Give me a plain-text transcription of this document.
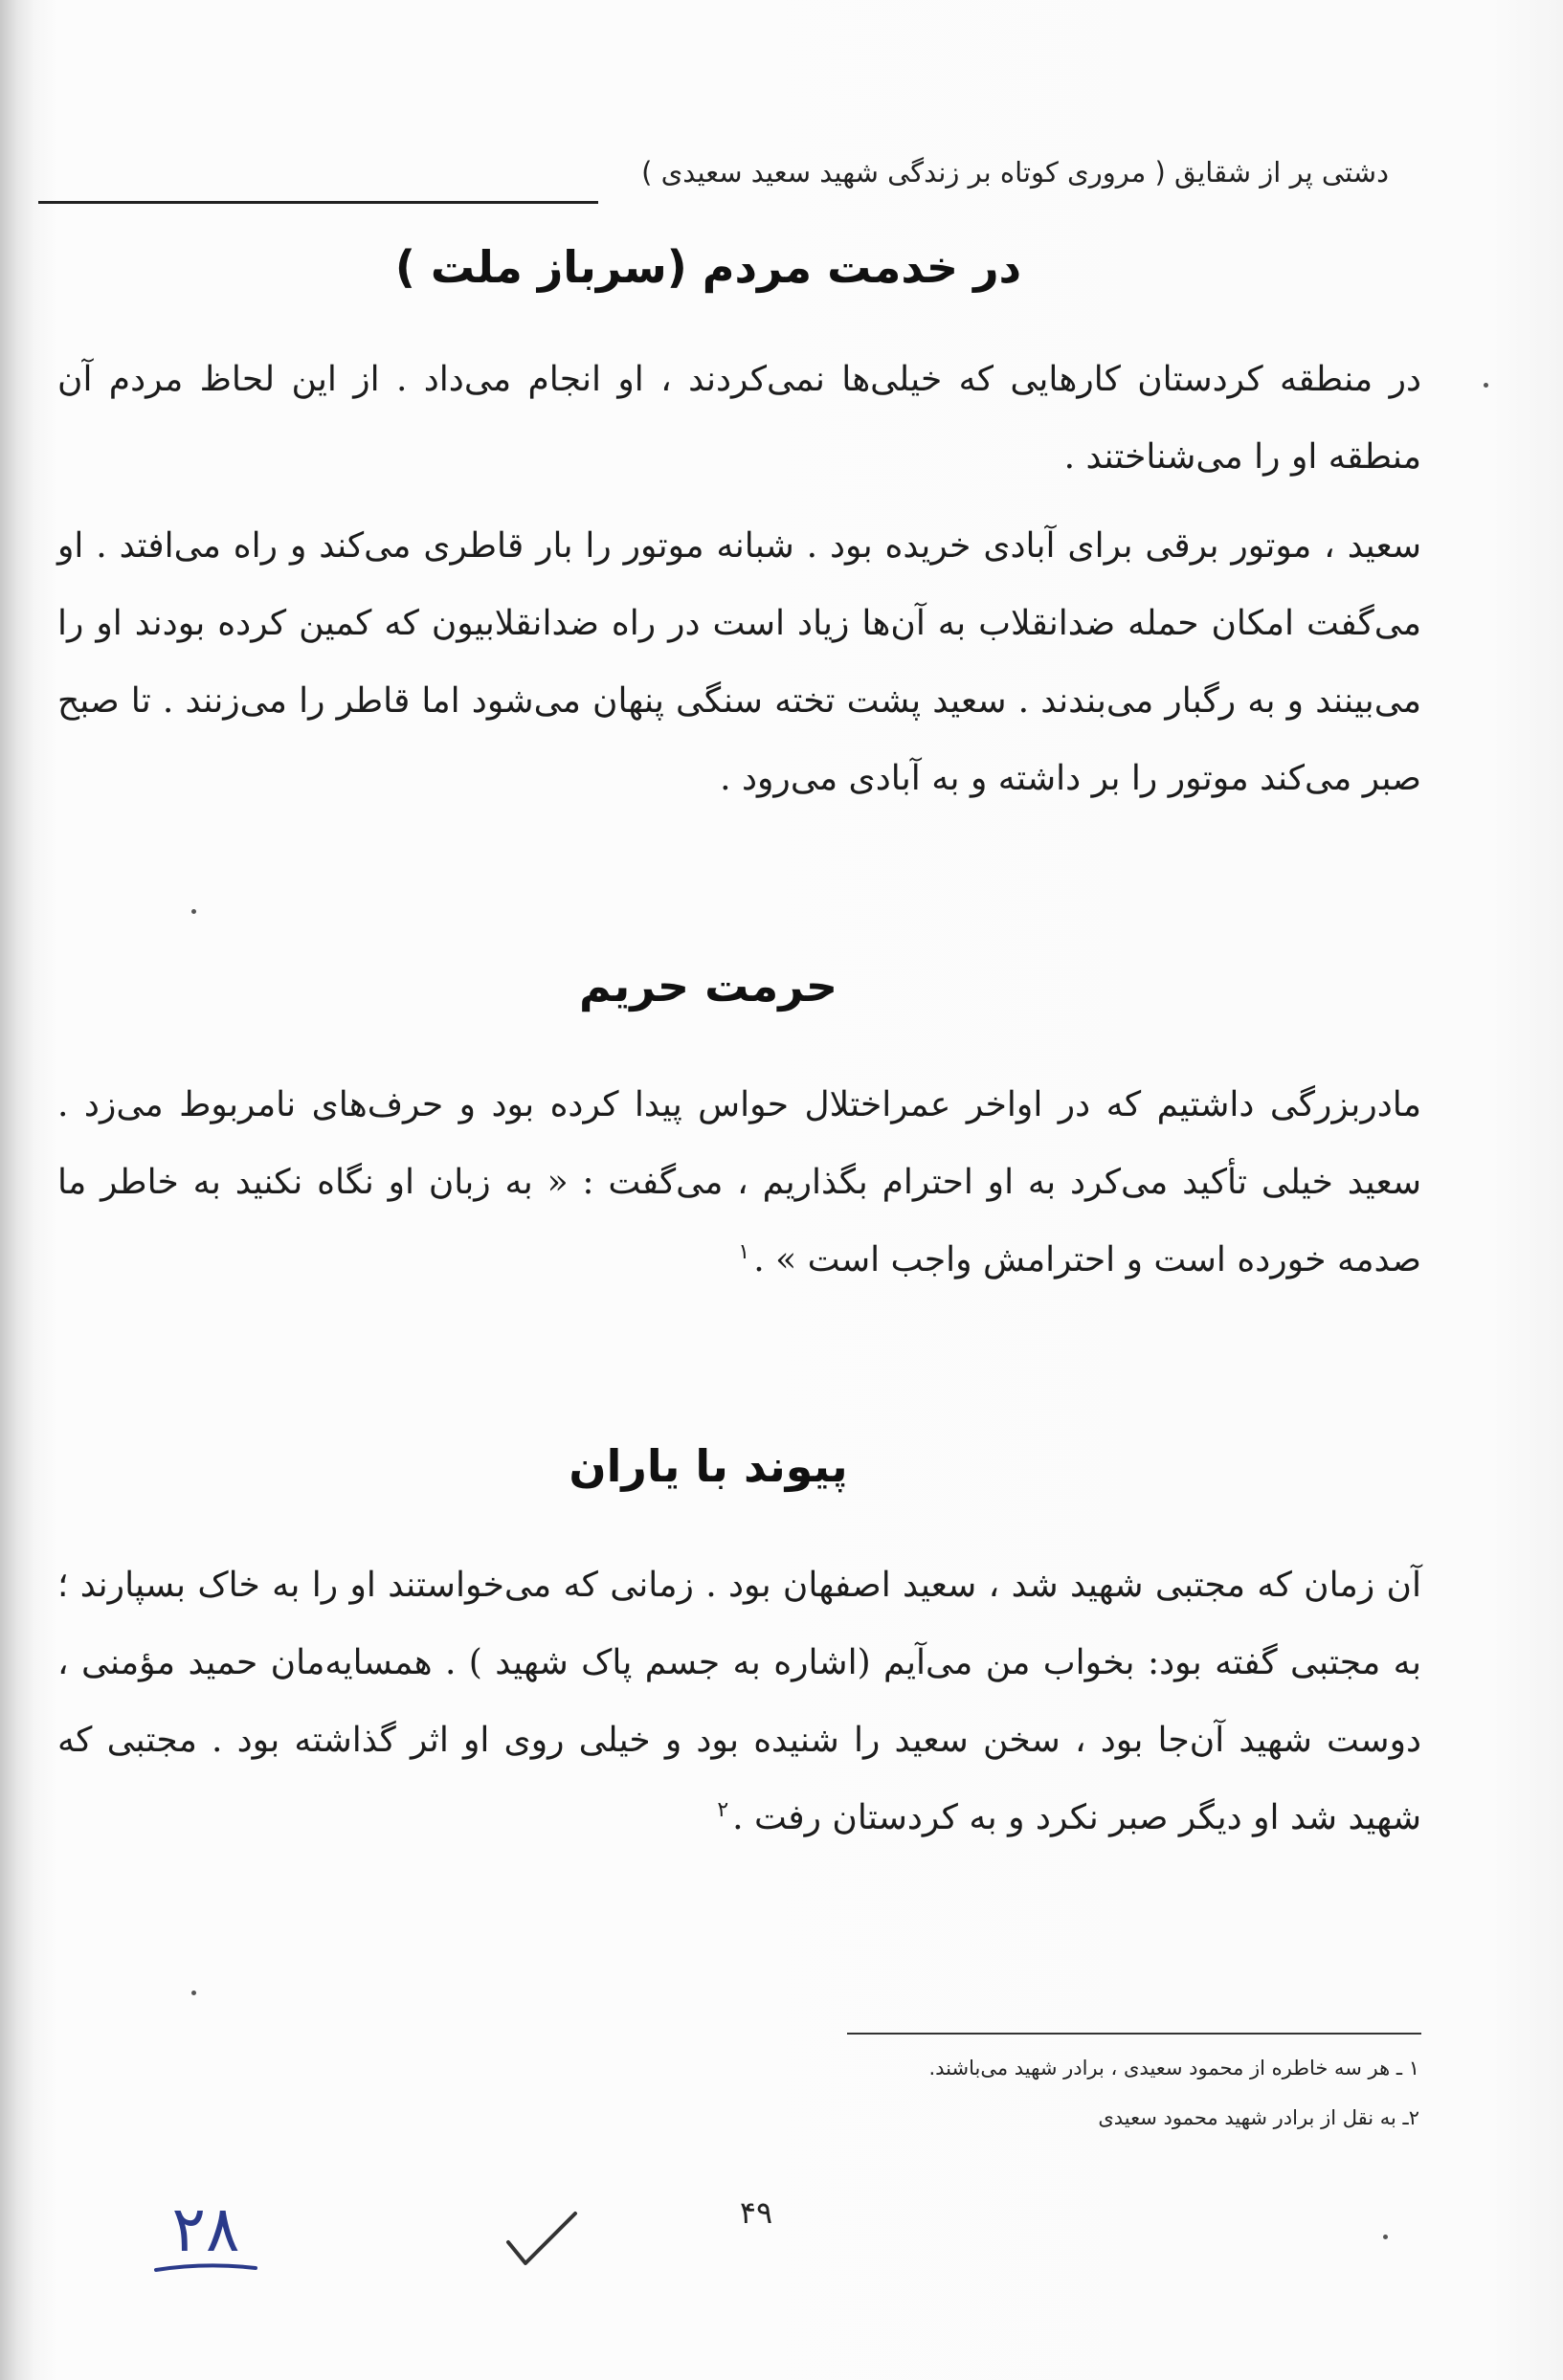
دشتی پر از شقایق ( مروری کوتاه بر زندگی شهید سعید سعیدی )
در خدمت مردم (سرباز ملت )

در منطقه کردستان کارهایی که خیلی‌ها نمی‌کردند ، او انجام می‌داد . از این لحاظ مردم آن منطقه او را می‌شناختند .

سعید ، موتور برقی برای آبادی خریده بود . شبانه موتور را بار قاطری می‌کند و راه می‌افتد . او می‌گفت امکان حمله ضدانقلاب به آن‌ها زیاد است در راه ضدانقلابیون که کمین کرده بودند او را می‌بینند و به رگبار می‌بندند . سعید پشت تخته سنگی پنهان می‌شود اما قاطر را می‌زنند . تا صبح صبر می‌کند موتور را بر داشته و به آبادی می‌رود .

حرمت حریم

مادربزرگی داشتیم که در اواخر عمراختلال حواس پیدا کرده بود و حرف‌های نامربوط می‌زد . سعید خیلی تأکید می‌کرد به او احترام بگذاریم ، می‌گفت : « به زبان او نگاه نکنید به خاطر ما صدمه خورده است و احترامش واجب است » .$^۱$

پیوند با یاران

آن زمان که مجتبی شهید شد ، سعید اصفهان بود . زمانی که می‌خواستند او را به خاک بسپارند ؛ به مجتبی گفته بود: بخواب من می‌آیم (اشاره به جسم پاک شهید ) . همسایه‌مان حمید مؤمنی ، دوست شهید آن‌جا بود ، سخن سعید را شنیده بود و خیلی روی او اثر گذاشته بود . مجتبی که شهید شد او دیگر صبر نکرد و به کردستان رفت .$^۲$

۱ ـ هر سه خاطره از محمود سعیدی ، برادر شهید می‌باشند.
۲ـ به نقل از برادر شهید محمود سعیدی
۴۹
۲۸
